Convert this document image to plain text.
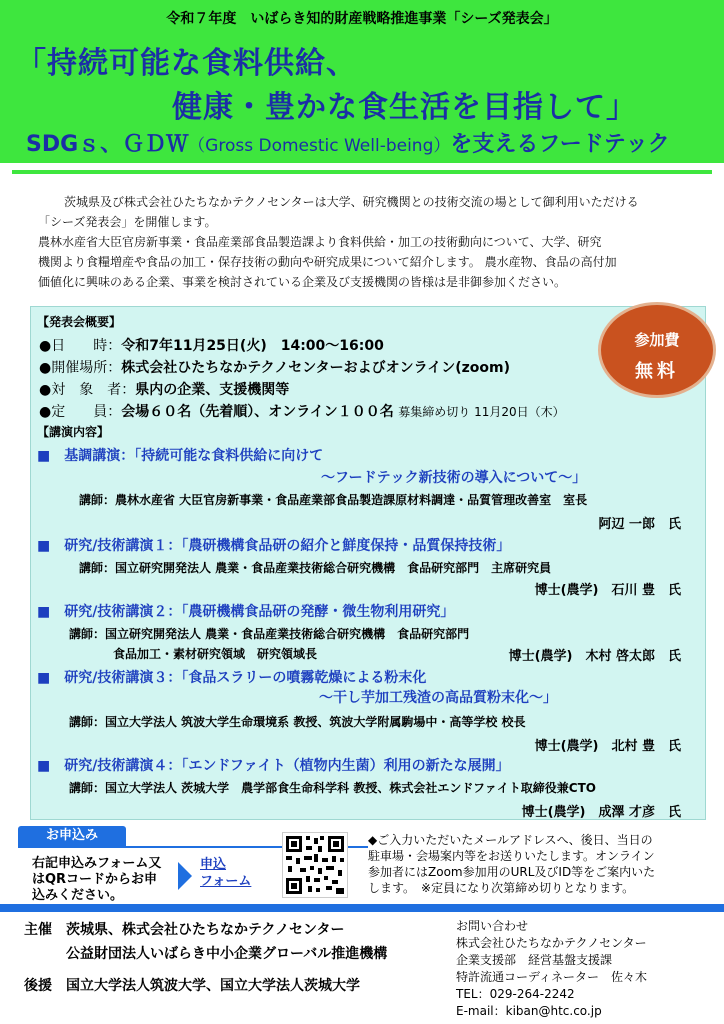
令和７年度　いばらき知的財産戦略推進事業「シーズ発表会」
「持続可能な食料供給、
健康・豊かな食生活を目指して」
SDGｓ、ＧＤＷ（Gross Domestic Well-being）を支えるフードテック

茨城県及び株式会社ひたちなかテクノセンターは大学、研究機関との技術交流の場として御利用いただける

「シーズ発表会」を開催します。

農林水産省大臣官房新事業・食品産業部食品製造課より食料供給・加工の技術動向について、大学、研究

機関より食糧増産や食品の加工・保存技術の動向や研究成果について紹介します。 農水産物、食品の高付加

価値化に興味のある企業、事業を検討されている企業及び支援機関の皆様は是非御参加ください。

【発表会概要】
●日　　時：令和7年11月25日(火)　14:00～16:00
●開催場所：株式会社ひたちなかテクノセンターおよびオンライン(zoom)
●対　象　者：県内の企業、支援機関等
●定　　員：会場６０名（先着順）、オンライン１００名 募集締め切り 11月20日（木）
【講演内容】
■　基調講演：「持続可能な食料供給に向けて
～フードテック新技術の導入について～」
講師：農林水産省 大臣官房新事業・食品産業部食品製造課原材料調達・品質管理改善室　室長
阿辺 一郎　氏
■　研究/技術講演１：「農研機構食品研の紹介と鮮度保持・品質保持技術」
講師：国立研究開発法人 農業・食品産業技術総合研究機構　食品研究部門　主席研究員
博士(農学)　石川 豊　氏
■　研究/技術講演２：「農研機構食品研の発酵・微生物利用研究」
講師：国立研究開発法人 農業・食品産業技術総合研究機構　食品研究部門
食品加工・素材研究領域　研究領域長	博士(農学)　木村 啓太郎　氏
■　研究/技術講演３：「食品スラリーの噴霧乾燥による粉末化
～干し芋加工残渣の高品質粉末化～」
講師：国立大学法人 筑波大学生命環境系 教授、筑波大学附属駒場中・高等学校 校長
博士(農学)　北村 豊　氏
■　研究/技術講演４：「エンドファイト（植物内生菌）利用の新たな展開」
講師：国立大学法人 茨城大学　農学部食生命科学科 教授、株式会社エンドファイト取締役兼CTO
博士(農学)　成澤 才彦　氏
参加費
無料
お申込み
右記申込みフォーム又
はQRコードからお申
込みください。
申込
フォーム
◆ご入力いただいたメールアドレスへ、後日、当日の
駐車場・会場案内等をお送りいたします。オンライン
参加者にはZoom参加用のURL及びID等をご案内いた
します。　※定員になり次第締め切りとなります。
主催	茨城県、株式会社ひたちなかテクノセンター
公益財団法人いばらき中小企業グローバル推進機構
後援	国立大学法人筑波大学、国立大学法人茨城大学
お問い合わせ
株式会社ひたちなかテクノセンター
企業支援部　経営基盤支援課
特許流通コーディネーター　佐々木
TEL：029-264-2242
E-mail：kiban@htc.co.jp
